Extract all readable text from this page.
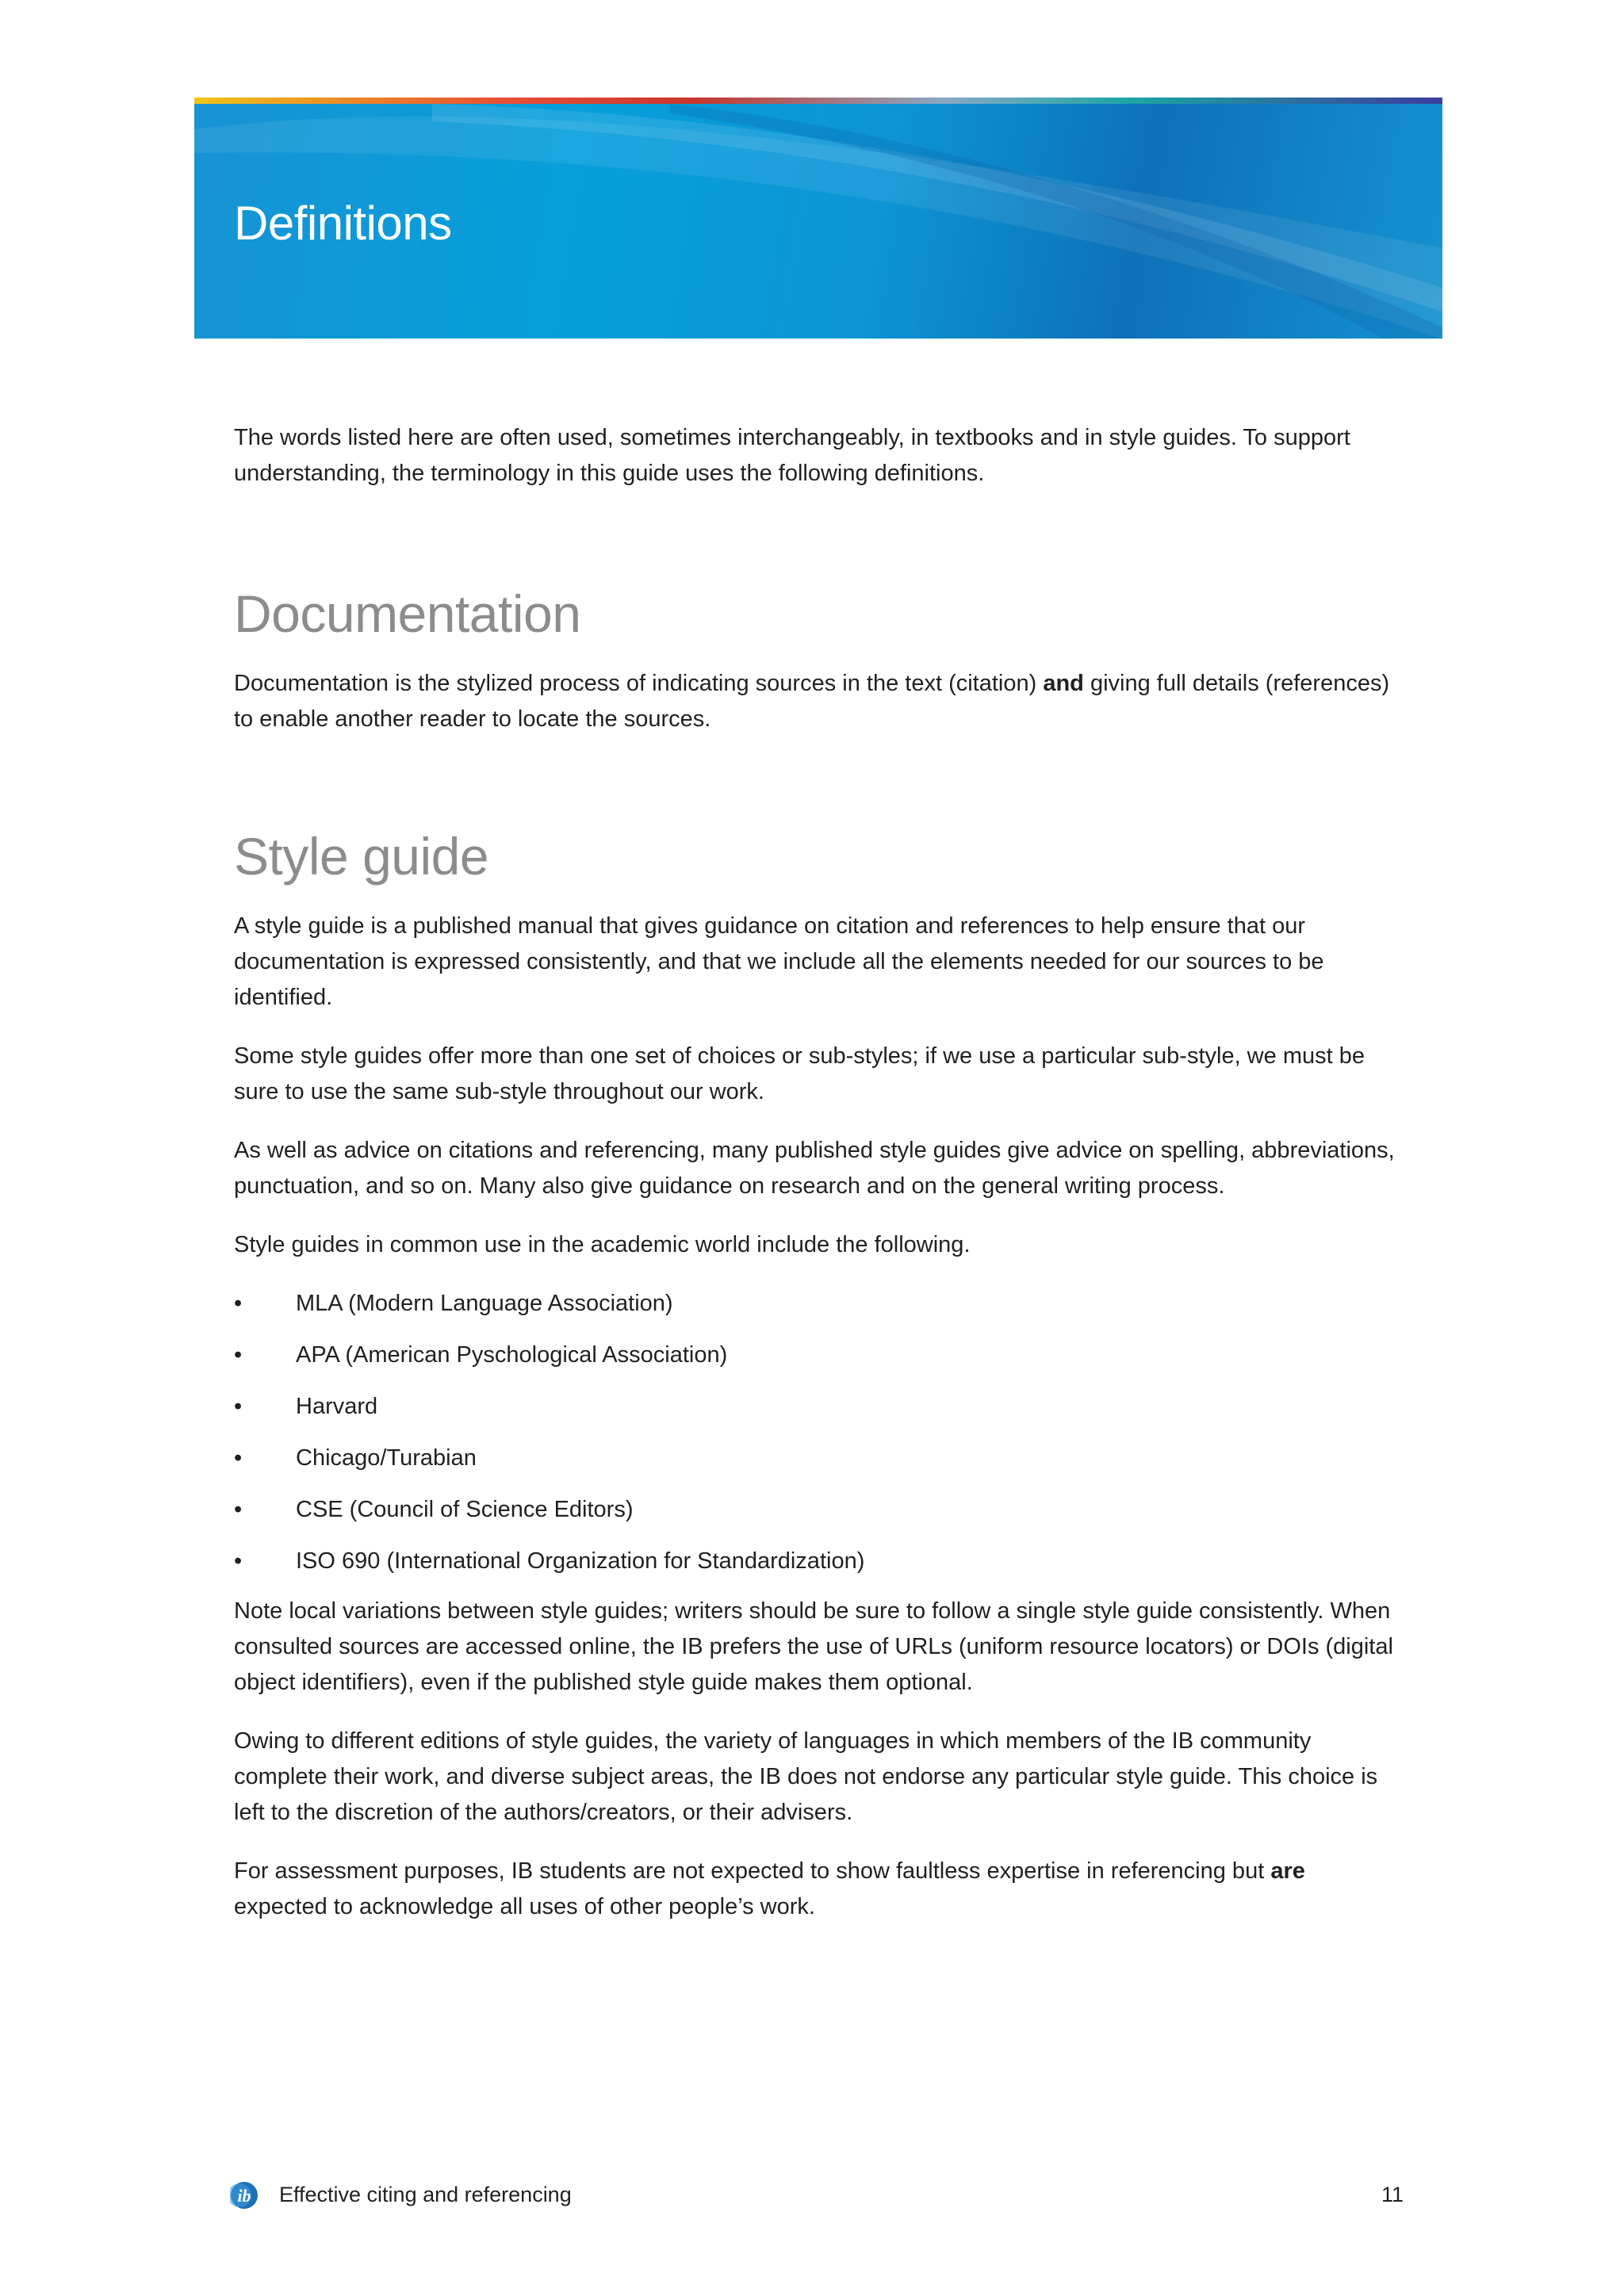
Definitions

The words listed here are often used, sometimes interchangeably, in textbooks and in style guides. To support understanding, the terminology in this guide uses the following definitions.

Documentation

Documentation is the stylized process of indicating sources in the text (citation) and giving full details (references) to enable another reader to locate the sources.

Style guide

A style guide is a published manual that gives guidance on citation and references to help ensure that our documentation is expressed consistently, and that we include all the elements needed for our sources to be identified.

Some style guides offer more than one set of choices or sub-styles; if we use a particular sub-style, we must be sure to use the same sub-style throughout our work.

As well as advice on citations and referencing, many published style guides give advice on spelling, abbreviations, punctuation, and so on. Many also give guidance on research and on the general writing process.

Style guides in common use in the academic world include the following.

• MLA (Modern Language Association)
• APA (American Pyschological Association)
• Harvard
• Chicago/Turabian
• CSE (Council of Science Editors)
• ISO 690 (International Organization for Standardization)

Note local variations between style guides; writers should be sure to follow a single style guide consistently. When consulted sources are accessed online, the IB prefers the use of URLs (uniform resource locators) or DOIs (digital object identifiers), even if the published style guide makes them optional.

Owing to different editions of style guides, the variety of languages in which members of the IB community complete their work, and diverse subject areas, the IB does not endorse any particular style guide. This choice is left to the discretion of the authors/creators, or their advisers.

For assessment purposes, IB students are not expected to show faultless expertise in referencing but are expected to acknowledge all uses of other people’s work.

ib Effective citing and referencing	11
